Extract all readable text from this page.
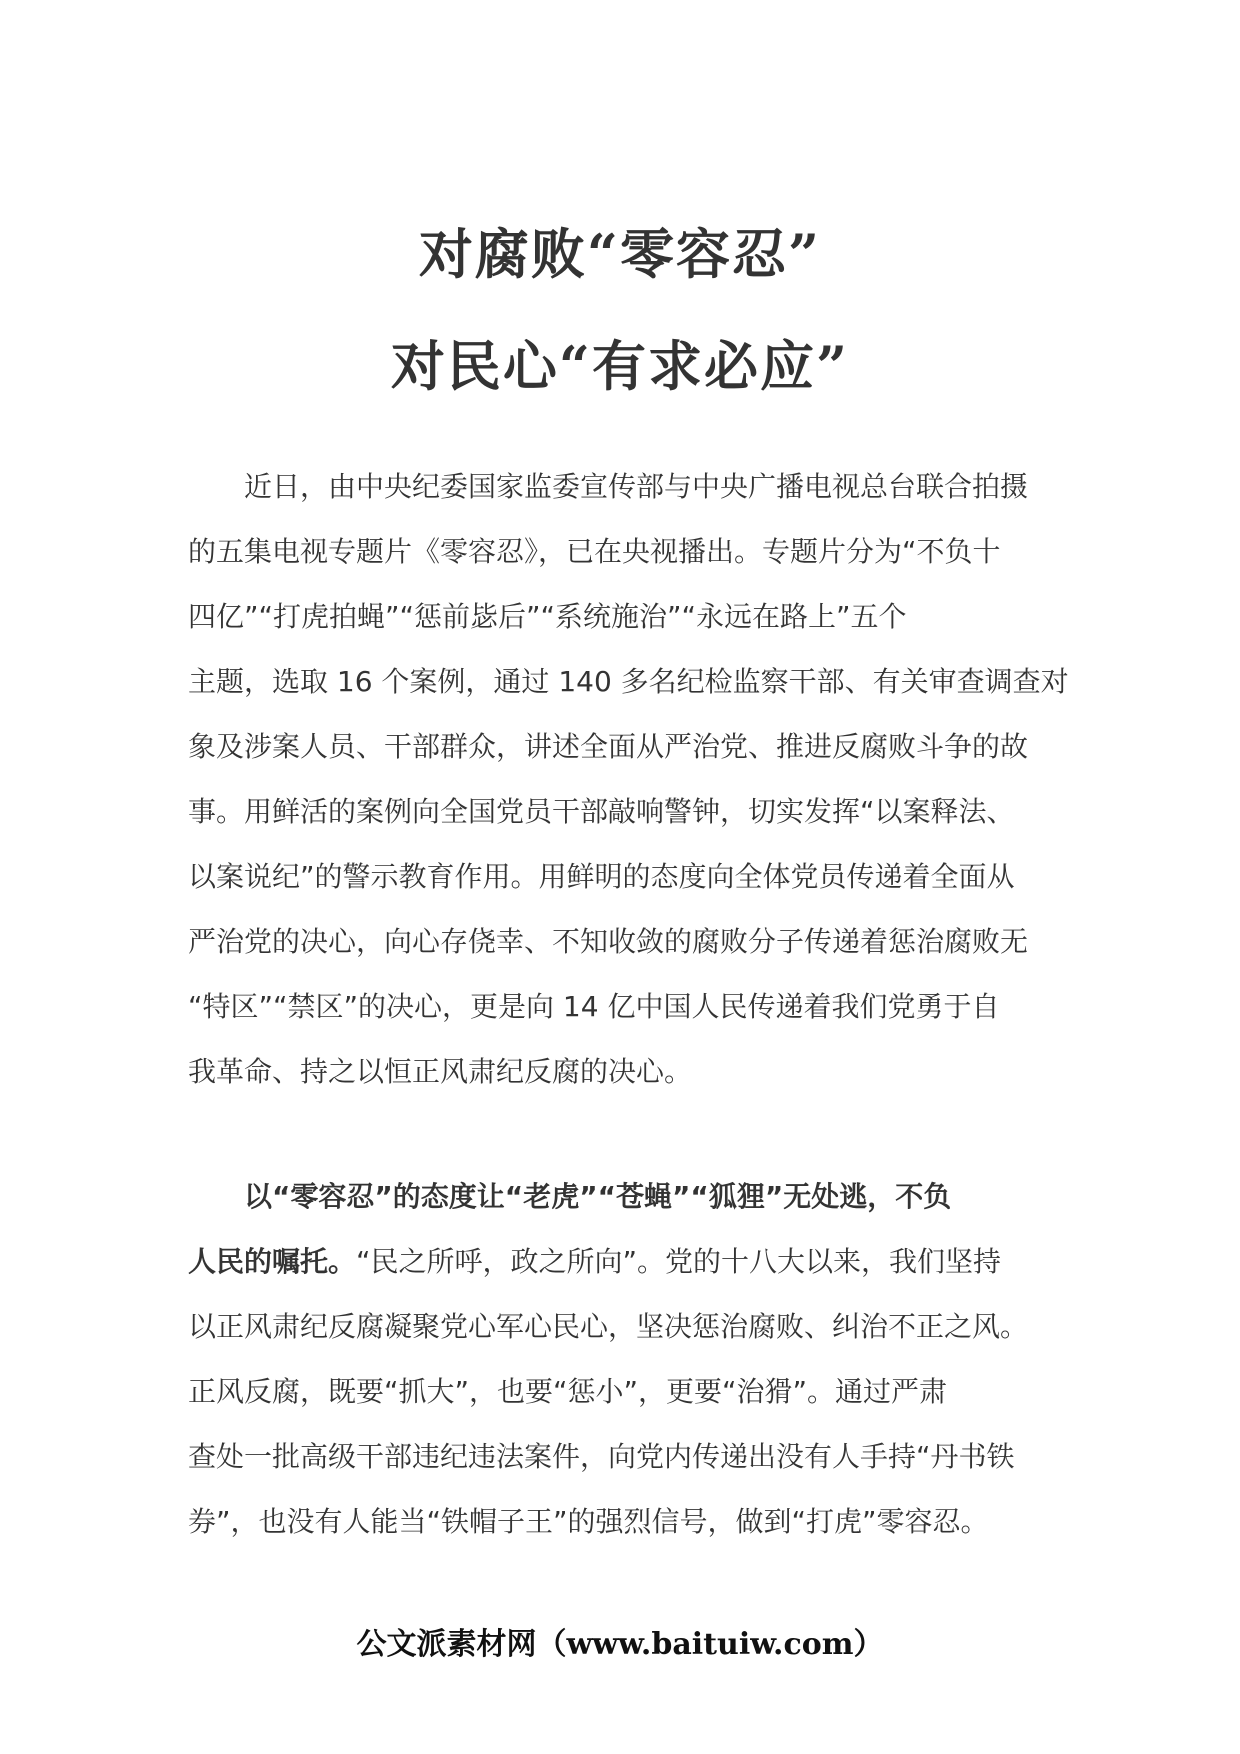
对腐败“零容忍”
对民心“有求必应”
近日，由中央纪委国家监委宣传部与中央广播电视总台联合拍摄
的五集电视专题片《零容忍》，已在央视播出。专题片分为“不负十
四亿”“打虎拍蝇”“惩前毖后”“系统施治”“永远在路上”五个
主题，选取 16 个案例，通过 140 多名纪检监察干部、有关审查调查对
象及涉案人员、干部群众，讲述全面从严治党、推进反腐败斗争的故
事。用鲜活的案例向全国党员干部敲响警钟，切实发挥“以案释法、
以案说纪”的警示教育作用。用鲜明的态度向全体党员传递着全面从
严治党的决心，向心存侥幸、不知收敛的腐败分子传递着惩治腐败无
“特区”“禁区”的决心，更是向 14 亿中国人民传递着我们党勇于自
我革命、持之以恒正风肃纪反腐的决心。
以“零容忍”的态度让“老虎”“苍蝇”“狐狸”无处逃，不负
人民的嘱托。“民之所呼，政之所向”。党的十八大以来，我们坚持
以正风肃纪反腐凝聚党心军心民心，坚决惩治腐败、纠治不正之风。
正风反腐，既要“抓大”，也要“惩小”，更要“治猾”。通过严肃
查处一批高级干部违纪违法案件，向党内传递出没有人手持“丹书铁
券”，也没有人能当“铁帽子王”的强烈信号，做到“打虎”零容忍。
公文派素材网（www.baituiw.com）
